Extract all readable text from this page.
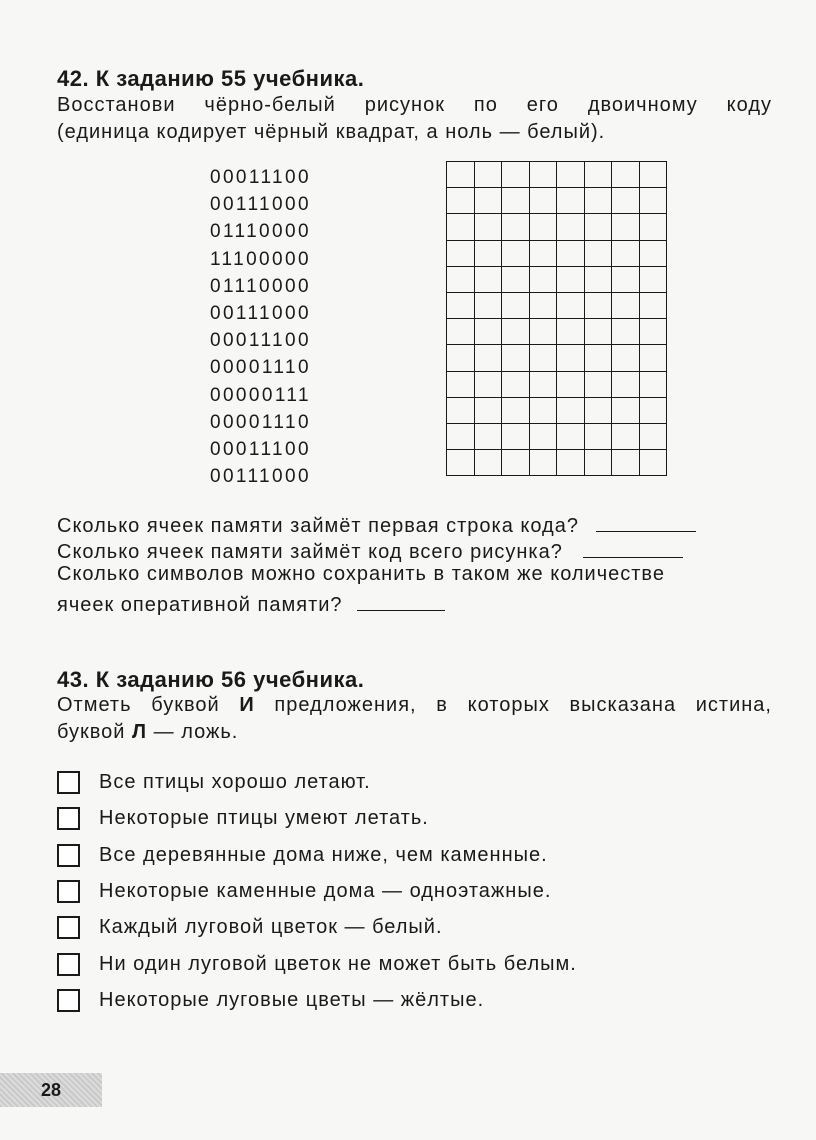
42. К заданию 55 учебника.
Восстанови чёрно-белый рисунок по его двоичному коду
(единица кодирует чёрный квадрат, а ноль — белый).
00011100
00111000
01110000
11100000
01110000
00111000
00011100
00001110
00000111
00001110
00011100
00111000

Сколько ячеек памяти займёт первая строка кода?
Сколько ячеек памяти займёт код всего рисунка?
Сколько символов можно сохранить в таком же количестве
ячеек оперативной памяти?
43. К заданию 56 учебника.
Отметь буквой И предложения, в которых высказана истина,
буквой Л — ложь.
Все птицы хорошо летают.
Некоторые птицы умеют летать.
Все деревянные дома ниже, чем каменные.
Некоторые каменные дома — одноэтажные.
Каждый луговой цветок — белый.
Ни один луговой цветок не может быть белым.
Некоторые луговые цветы — жёлтые.
28
